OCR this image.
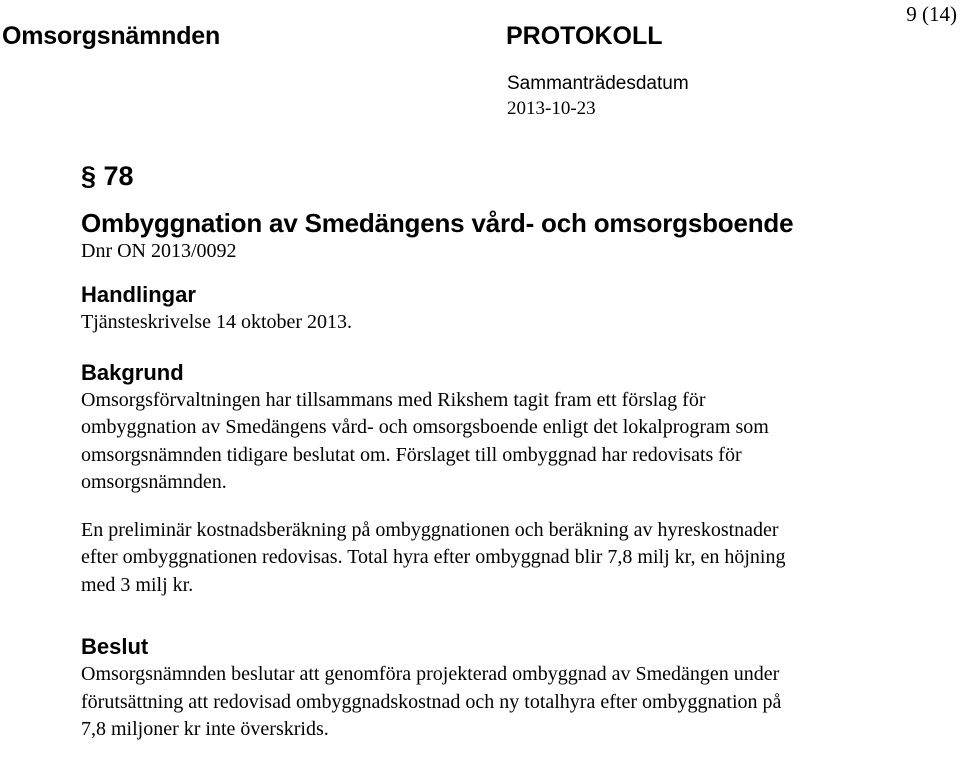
Omsorgsnämnden	PROTOKOLL
9 (14)
Sammanträdesdatum
2013-10-23
§ 78
Ombyggnation av Smedängens vård- och omsorgsboende
Dnr ON 2013/0092
Handlingar
Tjänsteskrivelse 14 oktober 2013.
Bakgrund
Omsorgsförvaltningen har tillsammans med Rikshem tagit fram ett förslag för ombyggnation av Smedängens vård- och omsorgsboende enligt det lokalprogram som omsorgsnämnden tidigare beslutat om. Förslaget till ombyggnad har redovisats för omsorgsnämnden.
En preliminär kostnadsberäkning på ombyggnationen och beräkning av hyreskostnader efter ombyggnationen redovisas. Total hyra efter ombyggnad blir 7,8 milj kr, en höjning med 3 milj kr.
Beslut
Omsorgsnämnden beslutar att genomföra projekterad ombyggnad av Smedängen under förutsättning att redovisad ombyggnadskostnad och ny totalhyra efter ombyggnation på 7,8 miljoner kr inte överskrids.
